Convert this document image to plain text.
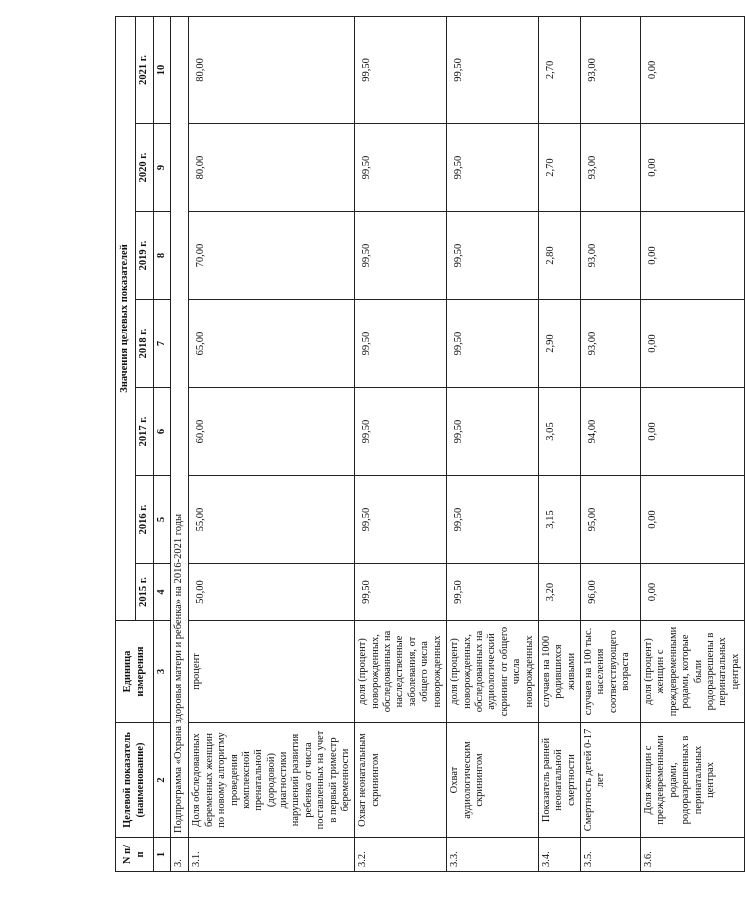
N п/п	Целевой показатель (наименование)	Единица измерения	Значения целевых показателей						
			2015 г.	2016 г.	2017 г.	2018 г.	2019 г.	2020 г.	2021 г.
1	2	3	4	5	6	7	8	9	10
3.	Подпрограмма «Охрана здоровья матери и ребенка» на 2016-2021 годы								
3.1.	Доля обследованных беременных женщин по новому алгоритму проведения комплексной пренатальной (дородовой) диагностики нарушений развития ребенка от числа поставленных на учет в первый триместр беременности	процент	50,00	55,00	60,00	65,00	70,00	80,00	80,00
3.2.	Охват неонатальным скринингом	доля (процент) новорожденных, обследованных на наследственные заболевания, от общего числа новорожденных	99,50	99,50	99,50	99,50	99,50	99,50	99,50
3.3.	Охват аудиологическим скринингом	доля (процент) новорожденных, обследованных на аудиологический скрининг от общего числа новорожденных	99,50	99,50	99,50	99,50	99,50	99,50	99,50
3.4.	Показатель ранней неонатальной смертности	случаев на 1000 родившихся живыми	3,20	3,15	3,05	2,90	2,80	2,70	2,70
3.5.	Смертность детей 0-17 лет	случаев на 100 тыс. населения соответствующего возраста	96,00	95,00	94,00	93,00	93,00	93,00	93,00
3.6.	Доля женщин с преждевременными родами, родоразрешенных в перинатальных центрах	доля (процент) женщин с преждевременными родами, которые были родоразрешены в перинатальных центрах	0,00	0,00	0,00	0,00	0,00	0,00	0,00
